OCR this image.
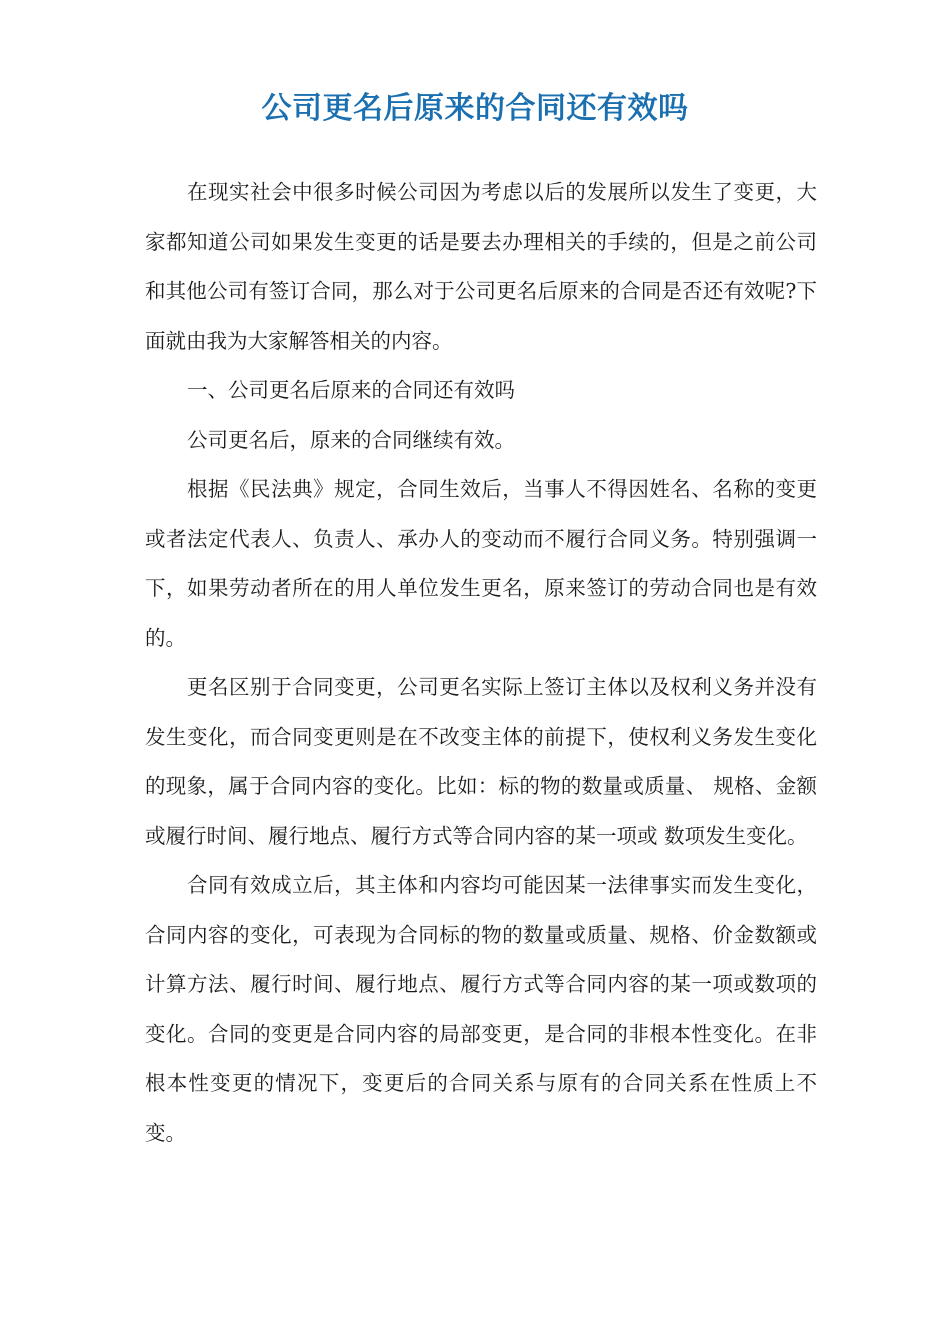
公司更名后原来的合同还有效吗

在现实社会中很多时候公司因为考虑以后的发展所以发生了变更，大家都知道公司如果发生变更的话是要去办理相关的手续的，但是之前公司和其他公司有签订合同，那么对于公司更名后原来的合同是否还有效呢?下面就由我为大家解答相关的内容。

一、公司更名后原来的合同还有效吗

公司更名后，原来的合同继续有效。

根据《民法典》规定，合同生效后，当事人不得因姓名、名称的变更或者法定代表人、负责人、承办人的变动而不履行合同义务。特别强调一下，如果劳动者所在的用人单位发生更名，原来签订的劳动合同也是有效的。

更名区别于合同变更，公司更名实际上签订主体以及权利义务并没有发生变化，而合同变更则是在不改变主体的前提下，使权利义务发生变化的现象，属于合同内容的变化。比如：标的物的数量或质量、 规格、金额或履行时间、履行地点、履行方式等合同内容的某一项或 数项发生变化。

合同有效成立后，其主体和内容均可能因某一法律事实而发生变化，合同内容的变化，可表现为合同标的物的数量或质量、规格、价金数额或计算方法、履行时间、履行地点、履行方式等合同内容的某一项或数项的变化。合同的变更是合同内容的局部变更，是合同的非根本性变化。在非根本性变更的情况下，变更后的合同关系与原有的合同关系在性质上不变。
